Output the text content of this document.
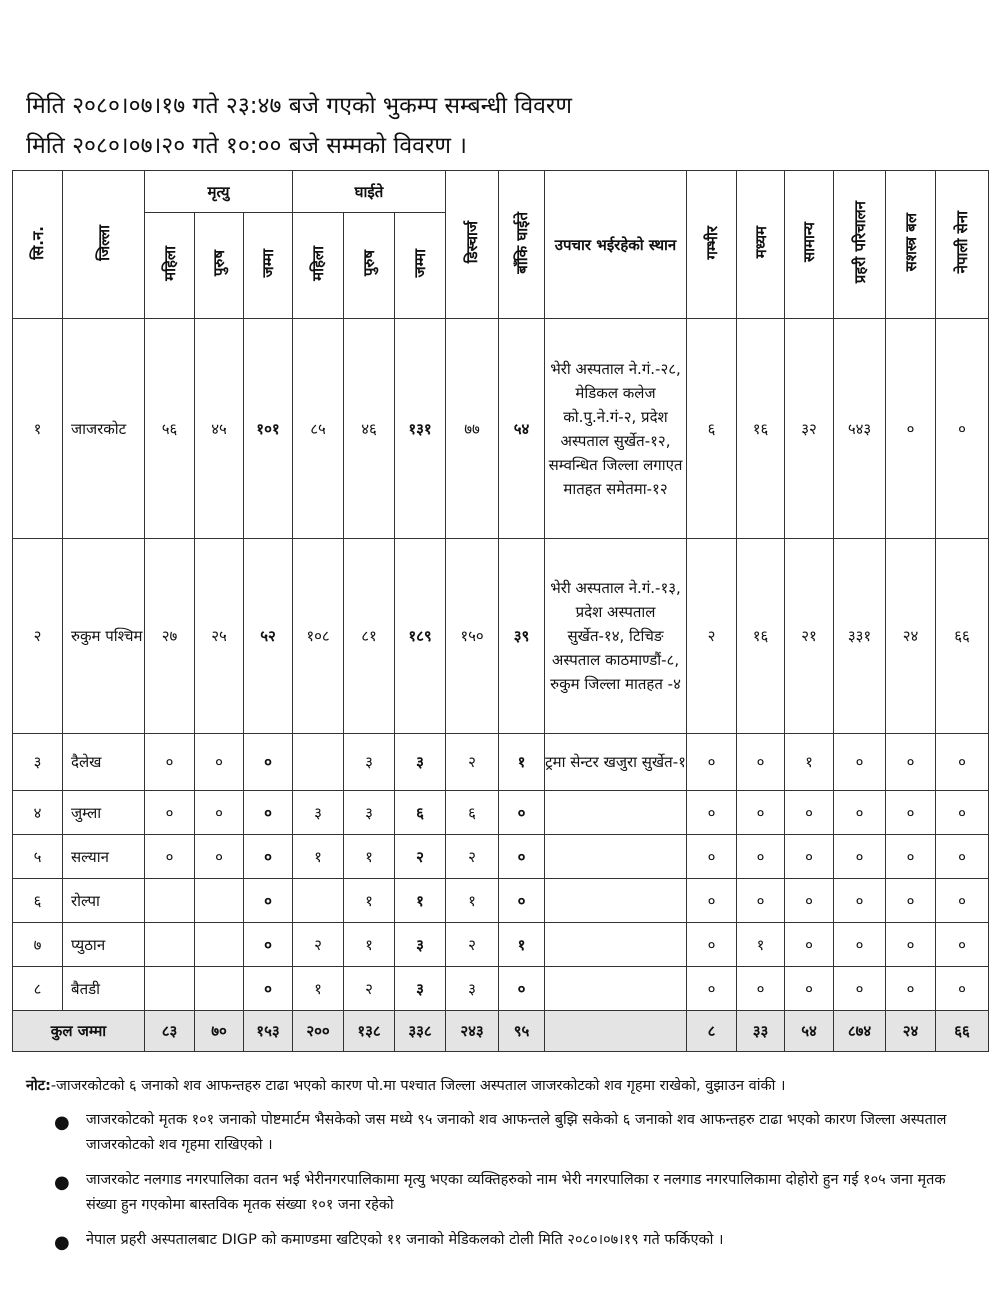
मिति २०८०।०७।१७ गते २३:४७ बजे गएको भुकम्प सम्बन्धी विवरण
मिति २०८०।०७।२० गते १०:०० बजे सम्मको विवरण ।
सि.न.	जिल्ला	मृत्यु			घाईते			डिस्चार्ज	बाँकि घाईते	उपचार भईरहेको स्थान	गम्भीर	मध्यम	सामान्य	प्रहरी परिचालन	सशस्त्र बल	नेपाली सेना
		महिला	पुरुष	जम्मा	महिला	पुरुष	जम्मा									
१	जाजरकोट	५६	४५	१०१	८५	४६	१३१	७७	५४	भेरी अस्पताल ने.गं.-२८, मेडिकल कलेज को.पु.ने.गं-२, प्रदेश अस्पताल सुर्खेत-१२, सम्वन्धित जिल्ला लगाएत मातहत समेतमा-१२	६	१६	३२	५४३	०	०
२	रुकुम पश्चिम	२७	२५	५२	१०८	८१	१८९	१५०	३९	भेरी अस्पताल ने.गं.-१३, प्रदेश अस्पताल सुर्खेत-१४, टिचिङ अस्पताल काठमाण्डौं-८, रुकुम जिल्ला मातहत -४	२	१६	२१	३३१	२४	६६
३	दैलेख	०	०	०		३	३	२	१	ट्रमा सेन्टर खजुरा सुर्खेत-१	०	०	१	०	०	०
४	जुम्ला	०	०	०	३	३	६	६	०		०	०	०	०	०	०
५	सल्यान	०	०	०	१	१	२	२	०		०	०	०	०	०	०
६	रोल्पा			०		१	१	१	०		०	०	०	०	०	०
७	प्युठान			०	२	१	३	२	१		०	१	०	०	०	०
८	बैतडी			०	१	२	३	३	०		०	०	०	०	०	०
कुल जम्मा		८३	७०	१५३	२००	१३८	३३८	२४३	९५		८	३३	५४	८७४	२४	६६
नोट:-जाजरकोटको ६ जनाको शव आफन्तहरु टाढा भएको कारण पो.मा पश्चात जिल्ला अस्पताल जाजरकोटको शव गृहमा राखेको, वुझाउन वांकी ।
● जाजरकोटको मृतक १०१ जनाको पोष्टमार्टम भैसकेको जस मध्ये ९५ जनाको शव आफन्तले बुझि सकेको ६ जनाको शव आफन्तहरु टाढा भएको कारण जिल्ला अस्पताल जाजरकोटको शव गृहमा राखिएको ।
● जाजरकोट नलगाड नगरपालिका वतन भई भेरीनगरपालिकामा मृत्यु भएका व्यक्तिहरुको नाम भेरी नगरपालिका र नलगाड नगरपालिकामा दोहोरो हुन गई १०५ जना मृतक संख्या हुन गएकोमा बास्तविक मृतक संख्या १०१ जना रहेको
● नेपाल प्रहरी अस्पतालबाट DIGP को कमाण्डमा खटिएको ११ जनाको मेडिकलको टोली मिति २०८०।०७।१९ गते फर्किएको ।
